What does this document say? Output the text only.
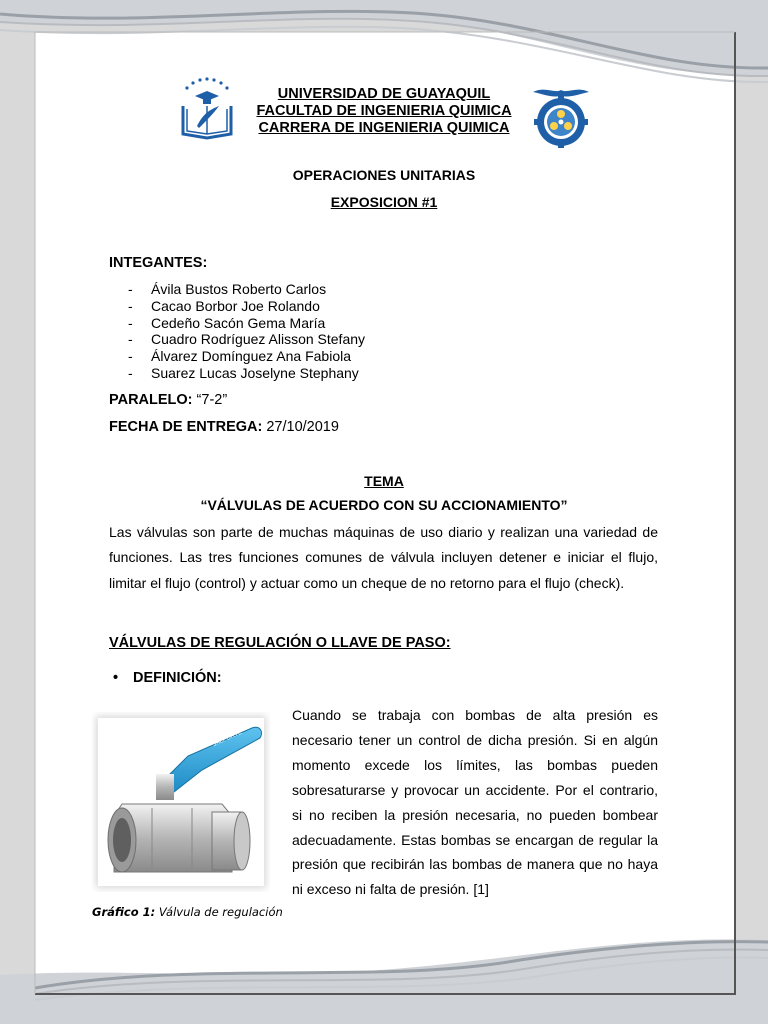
UNIVERSIDAD DE GUAYAQUIL
FACULTAD DE INGENIERIA QUIMICA
CARRERA DE INGENIERIA QUIMICA
OPERACIONES UNITARIAS
EXPOSICION #1
INTEGANTES:
- Ávila Bustos Roberto Carlos
- Cacao Borbor Joe Rolando
- Cedeño Sacón Gema María
- Cuadro Rodríguez Alisson Stefany
- Álvarez Domínguez Ana Fabiola
- Suarez Lucas Joselyne Stephany
PARALELO: “7-2”
FECHA DE ENTREGA: 27/10/2019
TEMA
“VÁLVULAS DE ACUERDO CON SU ACCIONAMIENTO”
Las válvulas son parte de muchas máquinas de uso diario y realizan una variedad de funciones. Las tres funciones comunes de válvula incluyen detener e iniciar el flujo, limitar el flujo (control) y actuar como un cheque de no retorno para el flujo (check).
VÁLVULAS DE REGULACIÓN O LLAVE DE PASO:
• DEFINICIÓN:
JALPORTE
Gráfico 1: Válvula de regulación
Cuando se trabaja con bombas de alta presión es necesario tener un control de dicha presión. Si en algún momento excede los límites, las bombas pueden sobresaturarse y provocar un accidente. Por el contrario, si no reciben la presión necesaria, no pueden bombear adecuadamente. Estas bombas se encargan de regular la presión que recibirán las bombas de manera que no haya ni exceso ni falta de presión. [1]
